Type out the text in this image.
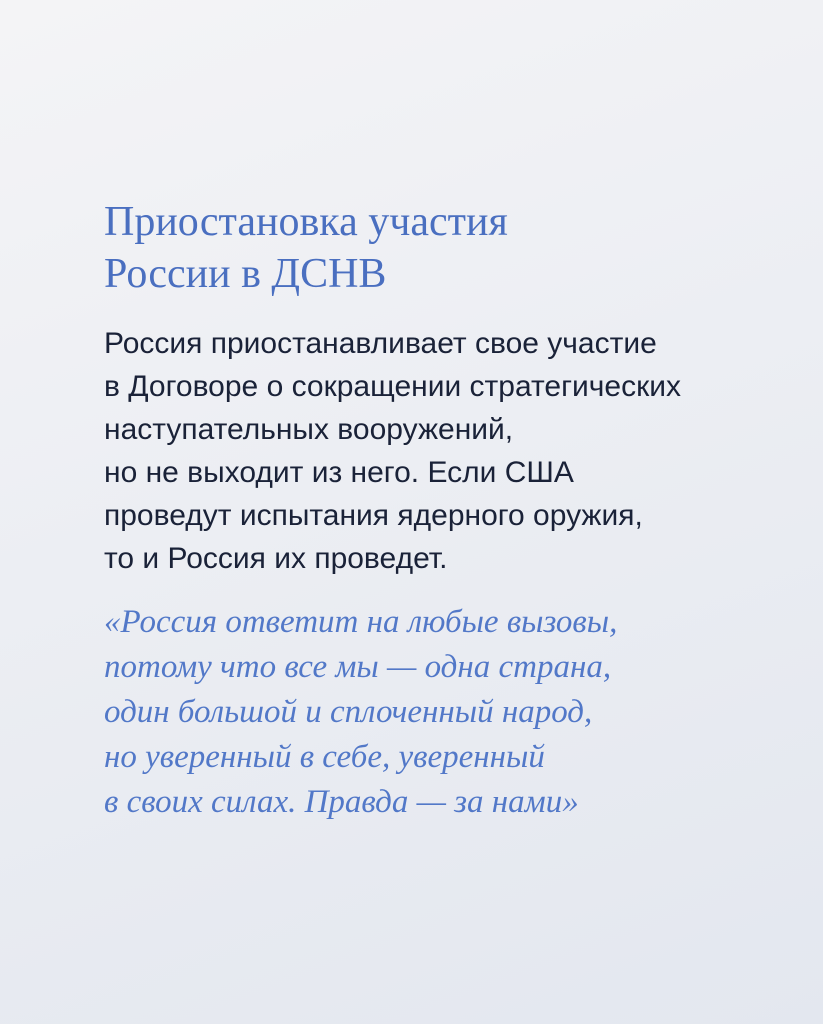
Приостановка участия
России в ДСНВ

Россия приостанавливает свое участие
в Договоре о сокращении стратегических
наступательных вооружений,
но не выходит из него. Если США
проведут испытания ядерного оружия,
то и Россия их проведет.

«Россия ответит на любые вызовы,
потому что все мы — одна страна,
один большой и сплоченный народ,
но уверенный в себе, уверенный
в своих силах. Правда — за нами»
